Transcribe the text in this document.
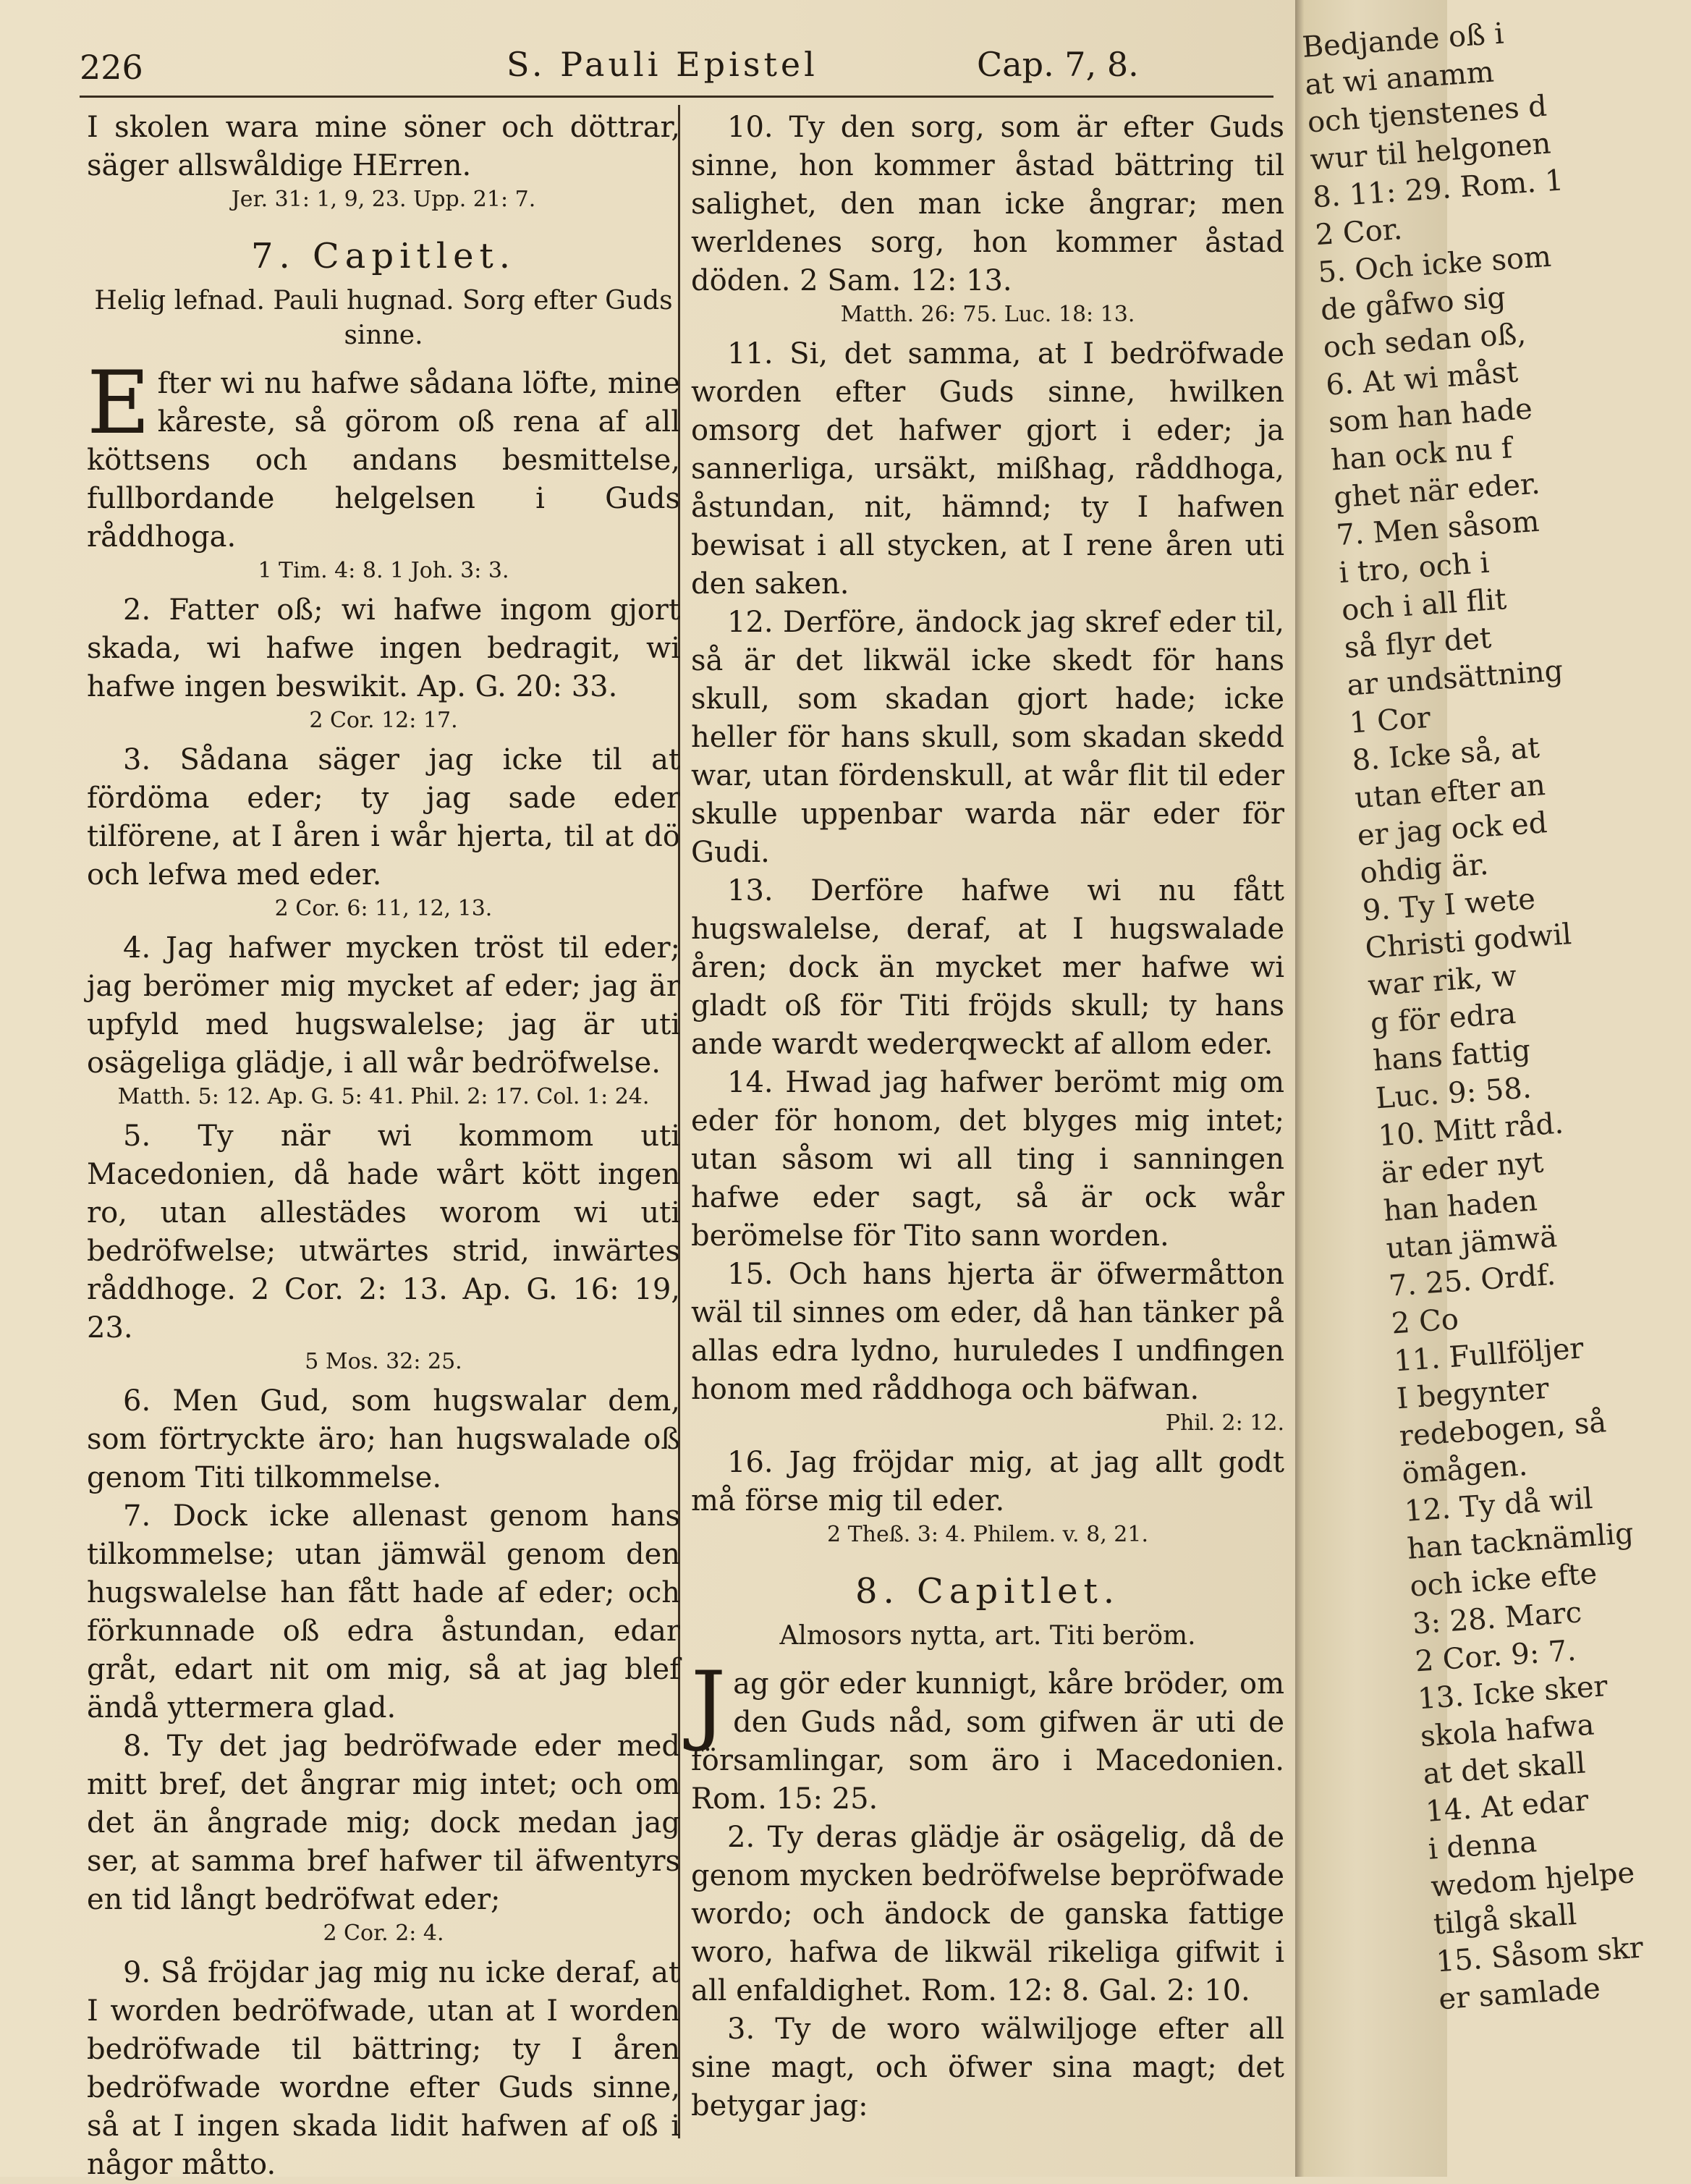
226	S. Pauli Epistel	Cap. 7, 8.

I skolen wara mine söner och döttrar, säger allswåldige HErren.

Jer. 31: 1, 9, 23. Upp. 21: 7.

7. Capitlet.

Helig lefnad. Pauli hugnad. Sorg efter Guds sinne.

Efter wi nu hafwe sådana löfte, mine kåreste, så görom oß rena af all köttsens och andans besmittelse, fullbordande helgelsen i Guds råddhoga.

1 Tim. 4: 8. 1 Joh. 3: 3.

2. Fatter oß; wi hafwe ingom gjort skada, wi hafwe ingen bedragit, wi hafwe ingen beswikit. Ap. G. 20: 33.

2 Cor. 12: 17.

3. Sådana säger jag icke til at fördöma eder; ty jag sade eder tilförene, at I åren i wår hjerta, til at dö och lefwa med eder.

2 Cor. 6: 11, 12, 13.

4. Jag hafwer mycken tröst til eder; jag berömer mig mycket af eder; jag är upfyld med hugswalelse; jag är uti osägeliga glädje, i all wår bedröfwelse.

Matth. 5: 12. Ap. G. 5: 41. Phil. 2: 17. Col. 1: 24.

5. Ty när wi kommom uti Macedonien, då hade wårt kött ingen ro, utan allestädes worom wi uti bedröfwelse; utwärtes strid, inwärtes råddhoge. 2 Cor. 2: 13. Ap. G. 16: 19, 23.

5 Mos. 32: 25.

6. Men Gud, som hugswalar dem, som förtryckte äro; han hugswalade oß genom Titi tilkommelse.

7. Dock icke allenast genom hans tilkommelse; utan jämwäl genom den hugswalelse han fått hade af eder; och förkunnade oß edra åstundan, edar gråt, edart nit om mig, så at jag blef ändå yttermera glad.

8. Ty det jag bedröfwade eder med mitt bref, det ångrar mig intet; och om det än ångrade mig; dock medan jag ser, at samma bref hafwer til äfwentyrs en tid långt bedröfwat eder;

2 Cor. 2: 4.

9. Så fröjdar jag mig nu icke deraf, at I worden bedröfwade, utan at I worden bedröfwade til bättring; ty I åren bedröfwade wordne efter Guds sinne, så at I ingen skada lidit hafwen af oß i någor måtto.

10. Ty den sorg, som är efter Guds sinne, hon kommer åstad bättring til salighet, den man icke ångrar; men werldenes sorg, hon kommer åstad döden. 2 Sam. 12: 13.

Matth. 26: 75. Luc. 18: 13.

11. Si, det samma, at I bedröfwade worden efter Guds sinne, hwilken omsorg det hafwer gjort i eder; ja sannerliga, ursäkt, mißhag, råddhoga, åstundan, nit, hämnd; ty I hafwen bewisat i all stycken, at I rene åren uti den saken.

12. Derföre, ändock jag skref eder til, så är det likwäl icke skedt för hans skull, som skadan gjort hade; icke heller för hans skull, som skadan skedd war, utan fördenskull, at wår flit til eder skulle uppenbar warda när eder för Gudi.

13. Derföre hafwe wi nu fått hugswalelse, deraf, at I hugswalade åren; dock än mycket mer hafwe wi gladt oß för Titi fröjds skull; ty hans ande wardt wederqweckt af allom eder.

14. Hwad jag hafwer berömt mig om eder för honom, det blyges mig intet; utan såsom wi all ting i sanningen hafwe eder sagt, så är ock wår berömelse för Tito sann worden.

15. Och hans hjerta är öfwermåtton wäl til sinnes om eder, då han tänker på allas edra lydno, huruledes I undfingen honom med råddhoga och bäfwan.

Phil. 2: 12.

16. Jag fröjdar mig, at jag allt godt må förse mig til eder.

2 Theß. 3: 4. Philem. v. 8, 21.

8. Capitlet.

Almosors nytta, art. Titi beröm.

Jag gör eder kunnigt, kåre bröder, om den Guds nåd, som gifwen är uti de församlingar, som äro i Macedonien. Rom. 15: 25.

2. Ty deras glädje är osägelig, då de genom mycken bedröfwelse bepröfwade wordo; och ändock de ganska fattige woro, hafwa de likwäl rikeliga gifwit i all enfaldighet. Rom. 12: 8. Gal. 2: 10.

3. Ty de woro wälwiljoge efter all sine magt, och öfwer sina magt; det betygar jag:

Bedjande oß i
at wi anamm
och tjenstenes d
wur til helgonen
8. 11: 29. Rom. 1
2 Cor.
5. Och icke som
de gåfwo sig
och sedan oß,
6. At wi måst
som han hade
han ock nu f
ghet när eder.
7. Men såsom
i tro, och i
och i all flit
så flyr det
ar undsättning
1 Cor
8. Icke så, at
utan efter an
er jag ock ed
ohdig är.
9. Ty I wete
Christi godwil
war rik, w
g för edra
hans fattig
Luc. 9: 58.
10. Mitt råd.
är eder nyt
han haden
utan jämwä
7. 25. Ordf.
2 Co
11. Fullföljer
I begynter
redebogen, så
ömågen.
12. Ty då wil
han tacknämlig
och icke efte
3: 28. Marc
2 Cor. 9: 7.
13. Icke sker
skola hafwa
at det skall
14. At edar
i denna
wedom hjelpe
tilgå skall
15. Såsom skr
er samlade
